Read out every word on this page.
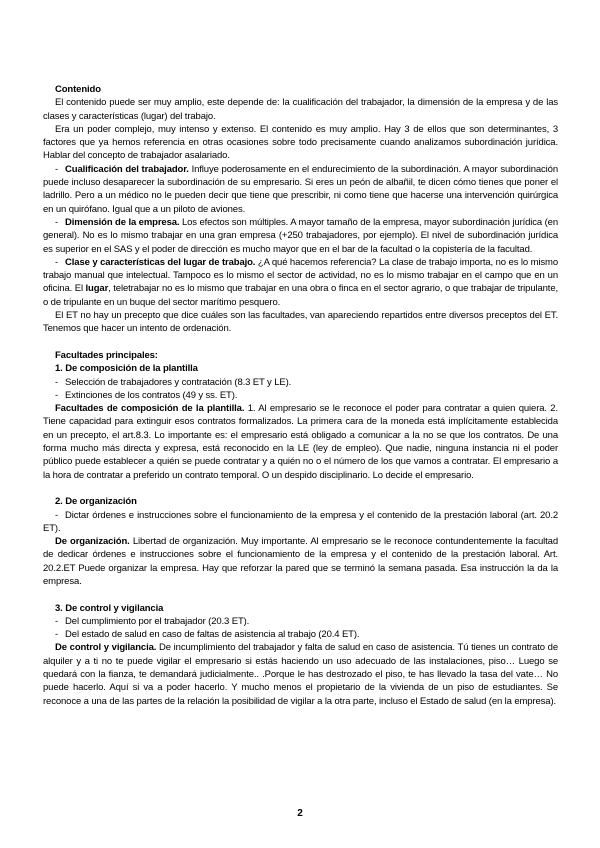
Contenido

El contenido puede ser muy amplio, este depende de: la cualificación del trabajador, la dimensión de la empresa y de las clases y características (lugar) del trabajo.

Era un poder complejo, muy intenso y extenso. El contenido es muy amplio. Hay 3 de ellos que son determinantes, 3 factores que ya hemos referencia en otras ocasiones sobre todo precisamente cuando analizamos subordinación jurídica. Hablar del concepto de trabajador asalariado.

- Cualificación del trabajador. Influye poderosamente en el endurecimiento de la subordinación. A mayor subordinación puede incluso desaparecer la subordinación de su empresario. Si eres un peón de albañil, te dicen cómo tienes que poner el ladrillo. Pero a un médico no le pueden decir que tiene que prescribir, ni como tiene que hacerse una intervención quirúrgica en un quirófano. Igual que a un piloto de aviones.

- Dimensión de la empresa. Los efectos son múltiples. A mayor tamaño de la empresa, mayor subordinación jurídica (en general). No es lo mismo trabajar en una gran empresa (+250 trabajadores, por ejemplo). El nivel de subordinación jurídica es superior en el SAS y el poder de dirección es mucho mayor que en el bar de la facultad o la copistería de la facultad.

- Clase y características del lugar de trabajo. ¿A qué hacemos referencia? La clase de trabajo importa, no es lo mismo trabajo manual que intelectual. Tampoco es lo mismo el sector de actividad, no es lo mismo trabajar en el campo que en un oficina. El lugar, teletrabajar no es lo mismo que trabajar en una obra o finca en el sector agrario, o que trabajar de tripulante, o de tripulante en un buque del sector marítimo pesquero.

El ET no hay un precepto que dice cuáles son las facultades, van apareciendo repartidos entre diversos preceptos del ET. Tenemos que hacer un intento de ordenación.

Facultades principales:

1. De composición de la plantilla

- Selección de trabajadores y contratación (8.3 ET y LE).

- Extinciones de los contratos (49 y ss. ET).

Facultades de composición de la plantilla. 1. Al empresario se le reconoce el poder para contratar a quien quiera. 2. Tiene capacidad para extinguir esos contratos formalizados. La primera cara de la moneda está implícitamente establecida en un precepto, el art.8.3. Lo importante es: el empresario está obligado a comunicar a la no se que los contratos. De una forma mucho más directa y expresa, está reconocido en la LE (ley de empleo). Que nadie, ninguna instancia ni el poder público puede establecer a quién se puede contratar y a quién no o el número de los que vamos a contratar. El empresario a la hora de contratar a preferido un contrato temporal. O un despido disciplinario. Lo decide el empresario.

2. De organización

- Dictar órdenes e instrucciones sobre el funcionamiento de la empresa y el contenido de la prestación laboral (art. 20.2 ET).

De organización. Libertad de organización. Muy importante. Al empresario se le reconoce contundentemente la facultad de dedicar órdenes e instrucciones sobre el funcionamiento de la empresa y el contenido de la prestación laboral. Art. 20.2.ET Puede organizar la empresa. Hay que reforzar la pared que se terminó la semana pasada. Esa instrucción la da la empresa.

3. De control y vigilancia

- Del cumplimiento por el trabajador (20.3 ET).

- Del estado de salud en caso de faltas de asistencia al trabajo (20.4 ET).

De control y vigilancia. De incumplimiento del trabajador y falta de salud en caso de asistencia. Tú tienes un contrato de alquiler y a ti no te puede vigilar el empresario si estás haciendo un uso adecuado de las instalaciones, piso… Luego se quedará con la fianza, te demandará judicialmente.. .Porque le has destrozado el piso, te has llevado la tasa del vate… No puede hacerlo. Aquí si va a poder hacerlo. Y mucho menos el propietario de la vivienda de un piso de estudiantes. Se reconoce a una de las partes de la relación la posibilidad de vigilar a la otra parte, incluso el Estado de salud (en la empresa).

2
